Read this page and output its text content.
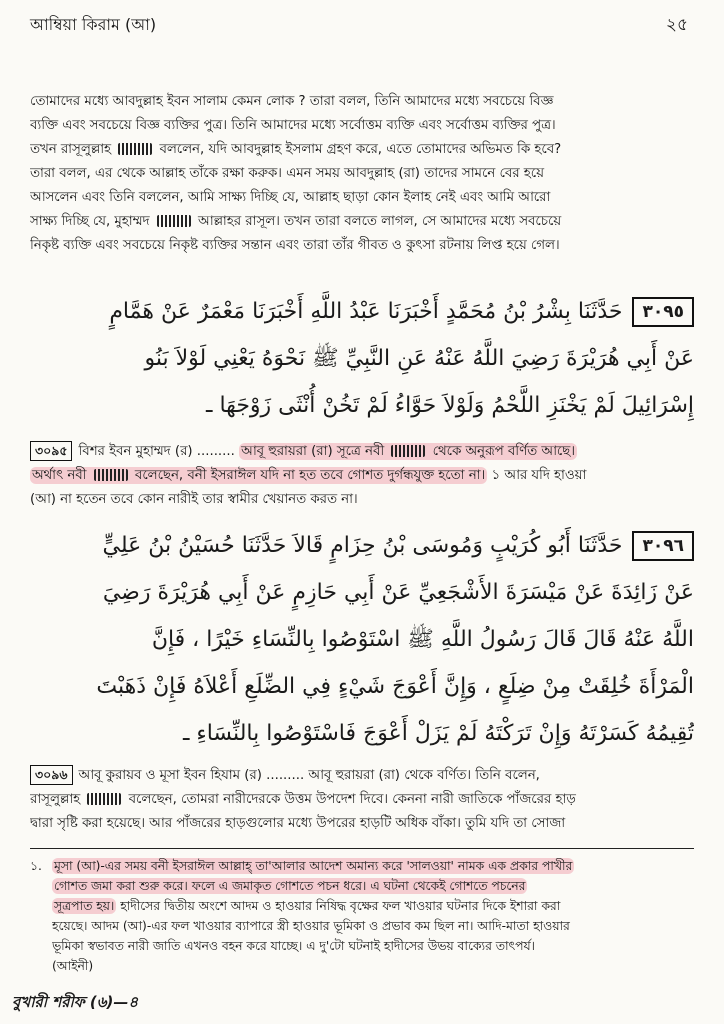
আম্বিয়া কিরাম (আ)	২৫
তোমাদের মধ্যে আবদুল্লাহ ইবন সালাম কেমন লোক ? তারা বলল, তিনি আমাদের মধ্যে সবচেয়ে বিজ্ঞ
ব্যক্তি এবং সবচেয়ে বিজ্ঞ ব্যক্তির পুত্র। তিনি আমাদের মধ্যে সর্বোত্তম ব্যক্তি এবং সর্বোত্তম ব্যক্তির পুত্র।
তখন রাসূলুল্লাহ	বললেন, যদি আবদুল্লাহ ইসলাম গ্রহণ করে, এতে তোমাদের অভিমত কি হবে?
তারা বলল, এর থেকে আল্লাহ তাঁকে রক্ষা করুক। এমন সময় আবদুল্লাহ (রা) তাদের সামনে বের হয়ে
আসলেন এবং তিনি বললেন, আমি সাক্ষ্য দিচ্ছি যে, আল্লাহ ছাড়া কোন ইলাহ নেই এবং আমি আরো
সাক্ষ্য দিচ্ছি যে, মুহাম্মদ	আল্লাহর রাসূল। তখন তারা বলতে লাগল, সে আমাদের মধ্যে সবচেয়ে
নিকৃষ্ট ব্যক্তি এবং সবচেয়ে নিকৃষ্ট ব্যক্তির সন্তান এবং তারা তাঁর গীবত ও কুৎসা রটনায় লিপ্ত হয়ে গেল।
٣٠٩٥حَدَّثَنَا بِشْرُ بْنُ مُحَمَّدٍ أَخْبَرَنَا عَبْدُ اللَّهِ أَخْبَرَنَا مَعْمَرٌ عَنْ هَمَّامٍ
عَنْ أَبِي هُرَيْرَةَ رَضِيَ اللَّهُ عَنْهُ عَنِ النَّبِيِّ ﷺ نَحْوَهُ يَعْنِي لَوْلاَ بَنُو
إِسْرَائِيلَ لَمْ يَخْنَزِ اللَّحْمُ وَلَوْلاَ حَوَّاءُ لَمْ تَخُنْ أُنْثَى زَوْجَهَا ـ
৩০৯৫ বিশর ইবন মুহাম্মদ (র) ......... আবূ হুরায়রা (রা) সূত্রে নবী	থেকে অনুরূপ বর্ণিত আছে।
অর্থাৎ নবী	বলেছেন, বনী ইসরাঈল যদি না হত তবে গোশত দুর্গন্ধযুক্ত হতো না। ১ আর যদি হাওয়া
(আ) না হতেন তবে কোন নারীই তার স্বামীর খেয়ানত করত না।
٣٠٩٦حَدَّثَنَا أَبُو كُرَيْبٍ وَمُوسَى بْنُ حِزَامٍ قَالاَ حَدَّثَنَا حُسَيْنُ بْنُ عَلِيٍّ
عَنْ زَائِدَةَ عَنْ مَيْسَرَةَ الأَشْجَعِيِّ عَنْ أَبِي حَازِمٍ عَنْ أَبِي هُرَيْرَةَ رَضِيَ
اللَّهُ عَنْهُ قَالَ قَالَ رَسُولُ اللَّهِ ﷺ اسْتَوْصُوا بِالنِّسَاءِ خَيْرًا ، فَإِنَّ
الْمَرْأَةَ خُلِقَتْ مِنْ ضِلَعٍ ، وَإِنَّ أَعْوَجَ شَيْءٍ فِي الضِّلَعِ أَعْلاَهُ فَإِنْ ذَهَبْتَ
تُقِيمُهُ كَسَرْتَهُ وَإِنْ تَرَكْتَهُ لَمْ يَزَلْ أَعْوَجَ فَاسْتَوْصُوا بِالنِّسَاءِ ـ
৩০৯৬ আবূ কুরায়ব ও মূসা ইবন হিযাম (র) ......... আবূ হুরায়রা (রা) থেকে বর্ণিত। তিনি বলেন,
রাসূলুল্লাহ	বলেছেন, তোমরা নারীদেরকে উত্তম উপদেশ দিবে। কেননা নারী জাতিকে পাঁজরের হাড়
দ্বারা সৃষ্টি করা হয়েছে। আর পাঁজরের হাড়গুলোর মধ্যে উপরের হাড়টি অধিক বাঁকা। তুমি যদি তা সোজা
১. মূসা (আ)-এর সময় বনী ইসরাঈল আল্লাহ্ তা'আলার আদেশ অমান্য করে 'সালওয়া' নামক এক প্রকার পাখীর
গোশত জমা করা শুরু করে। ফলে এ জমাকৃত গোশতে পচন ধরে। এ ঘটনা থেকেই গোশতে পচনের
সূত্রপাত হয়। হাদীসের দ্বিতীয় অংশে আদম ও হাওয়ার নিষিদ্ধ বৃক্ষের ফল খাওয়ার ঘটনার দিকে ইশারা করা
হয়েছে। আদম (আ)-এর ফল খাওয়ার ব্যাপারে স্ত্রী হাওয়ার ভূমিকা ও প্রভাব কম ছিল না। আদি-মাতা হাওয়ার
ভূমিকা স্বভাবত নারী জাতি এখনও বহন করে যাচ্ছে। এ দু'টো ঘটনাই হাদীসের উভয় বাক্যের তাৎপর্য।
(আইনী)
বুখারী শরীফ (৬)—৪
